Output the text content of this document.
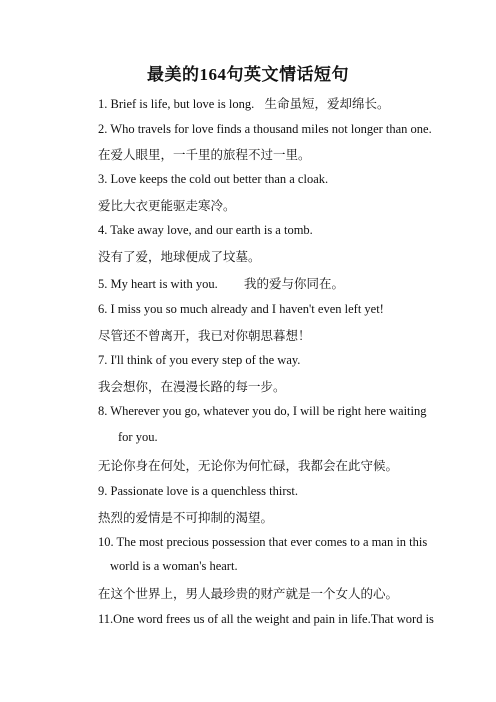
最美的164句英文情话短句
1. Brief is life, but love is long. 生命虽短，爱却绵长。
2. Who travels for love finds a thousand miles not longer than one.
在爱人眼里，一千里的旅程不过一里。
3. Love keeps the cold out better than a cloak.
爱比大衣更能驱走寒冷。
4. Take away love, and our earth is a tomb.
没有了爱，地球便成了坟墓。
5. My heart is with you. 我的爱与你同在。
6. I miss you so much already and I haven't even left yet!
尽管还不曾离开，我已对你朝思暮想！
7. I'll think of you every step of the way.
我会想你，在漫漫长路的每一步。
8. Wherever you go, whatever you do, I will be right here waiting
for you.
无论你身在何处，无论你为何忙碌，我都会在此守候。
9. Passionate love is a quenchless thirst.
热烈的爱情是不可抑制的渴望。
10. The most precious possession that ever comes to a man in this
world is a woman's heart.
在这个世界上，男人最珍贵的财产就是一个女人的心。
11.One word frees us of all the weight and pain in life.That word is
